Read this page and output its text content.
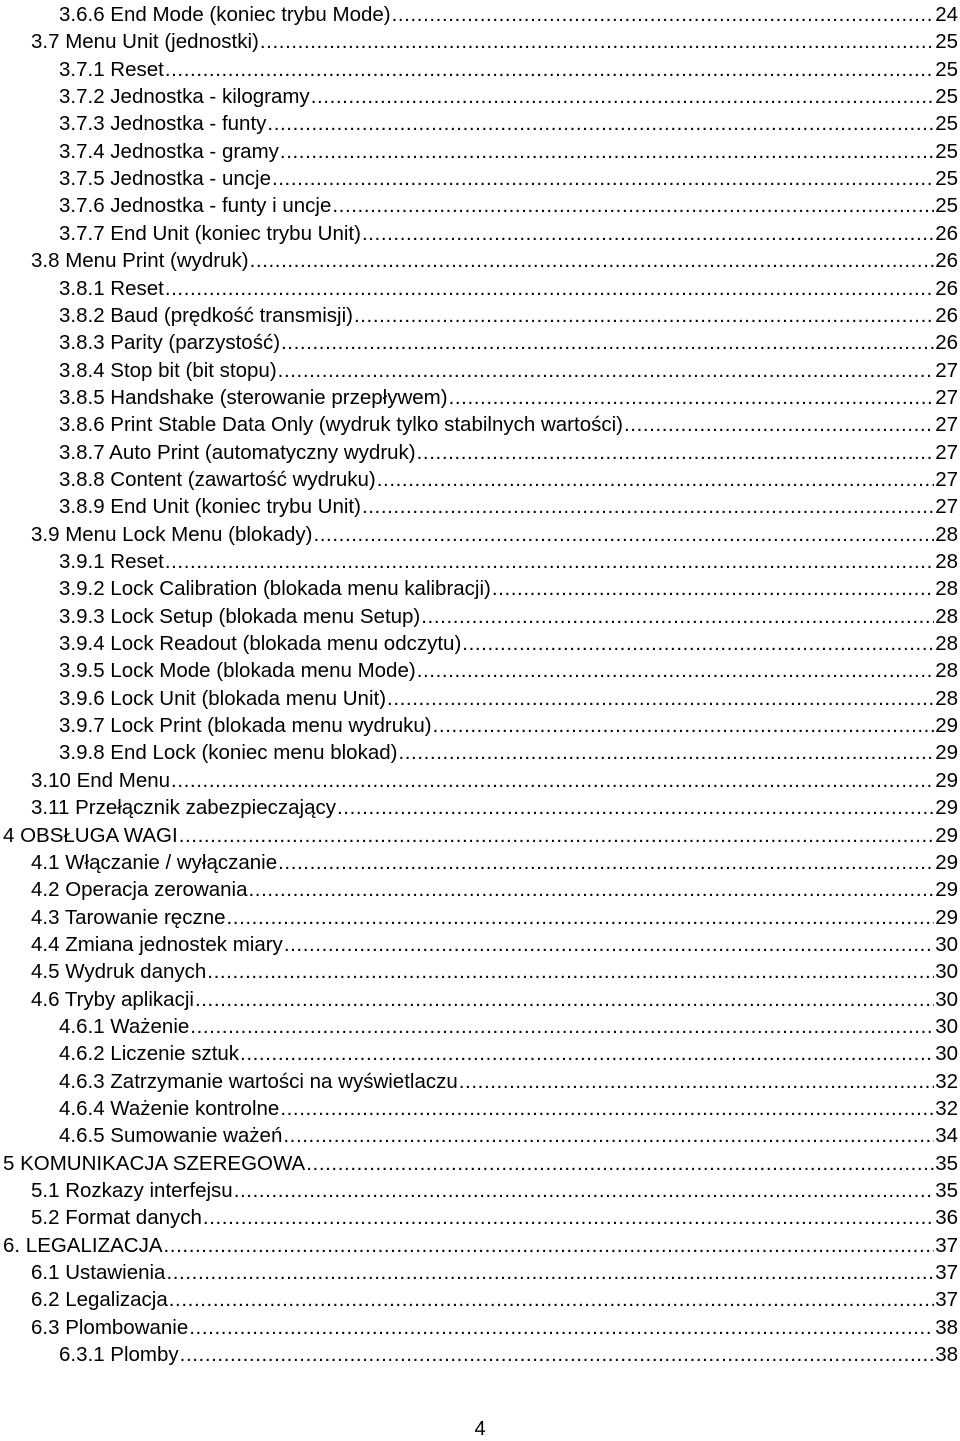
3.6.6 End Mode (koniec trybu Mode) .....	24
3.7 Menu Unit (jednostki) .....	25
3.7.1 Reset .....	25
3.7.2 Jednostka - kilogramy .....	25
3.7.3 Jednostka - funty .....	25
3.7.4 Jednostka - gramy .....	25
3.7.5 Jednostka - uncje .....	25
3.7.6 Jednostka - funty i uncje .....	25
3.7.7 End Unit (koniec trybu Unit) .....	26
3.8 Menu Print (wydruk) .....	26
3.8.1 Reset .....	26
3.8.2 Baud (prędkość transmisji) .....	26
3.8.3 Parity (parzystość) .....	26
3.8.4 Stop bit (bit stopu) .....	27
3.8.5 Handshake (sterowanie przepływem) .....	27
3.8.6 Print Stable Data Only (wydruk tylko stabilnych wartości) .....	27
3.8.7 Auto Print (automatyczny wydruk) .....	27
3.8.8 Content (zawartość wydruku) .....	27
3.8.9 End Unit (koniec trybu Unit) .....	27
3.9 Menu Lock Menu (blokady) .....	28
3.9.1 Reset .....	28
3.9.2 Lock Calibration (blokada menu kalibracji) .....	28
3.9.3 Lock Setup (blokada menu Setup) .....	28
3.9.4 Lock Readout (blokada menu odczytu) .....	28
3.9.5 Lock Mode (blokada menu Mode) .....	28
3.9.6 Lock Unit (blokada menu Unit) .....	28
3.9.7 Lock Print (blokada menu wydruku) .....	29
3.9.8 End Lock (koniec menu blokad) .....	29
3.10 End Menu .....	29
3.11 Przełącznik zabezpieczający .....	29
4 OBSŁUGA WAGI .....	29
4.1 Włączanie / wyłączanie .....	29
4.2 Operacja zerowania .....	29
4.3 Tarowanie ręczne .....	29
4.4 Zmiana jednostek miary .....	30
4.5 Wydruk danych .....	30
4.6 Tryby aplikacji .....	30
4.6.1 Ważenie .....	30
4.6.2 Liczenie sztuk .....	30
4.6.3 Zatrzymanie wartości na wyświetlaczu .....	32
4.6.4 Ważenie kontrolne .....	32
4.6.5 Sumowanie ważeń .....	34
5 KOMUNIKACJA SZEREGOWA .....	35
5.1 Rozkazy interfejsu .....	35
5.2 Format danych .....	36
6. LEGALIZACJA .....	37
6.1 Ustawienia .....	37
6.2 Legalizacja .....	37
6.3 Plombowanie .....	38
6.3.1 Plomby .....	38
4
